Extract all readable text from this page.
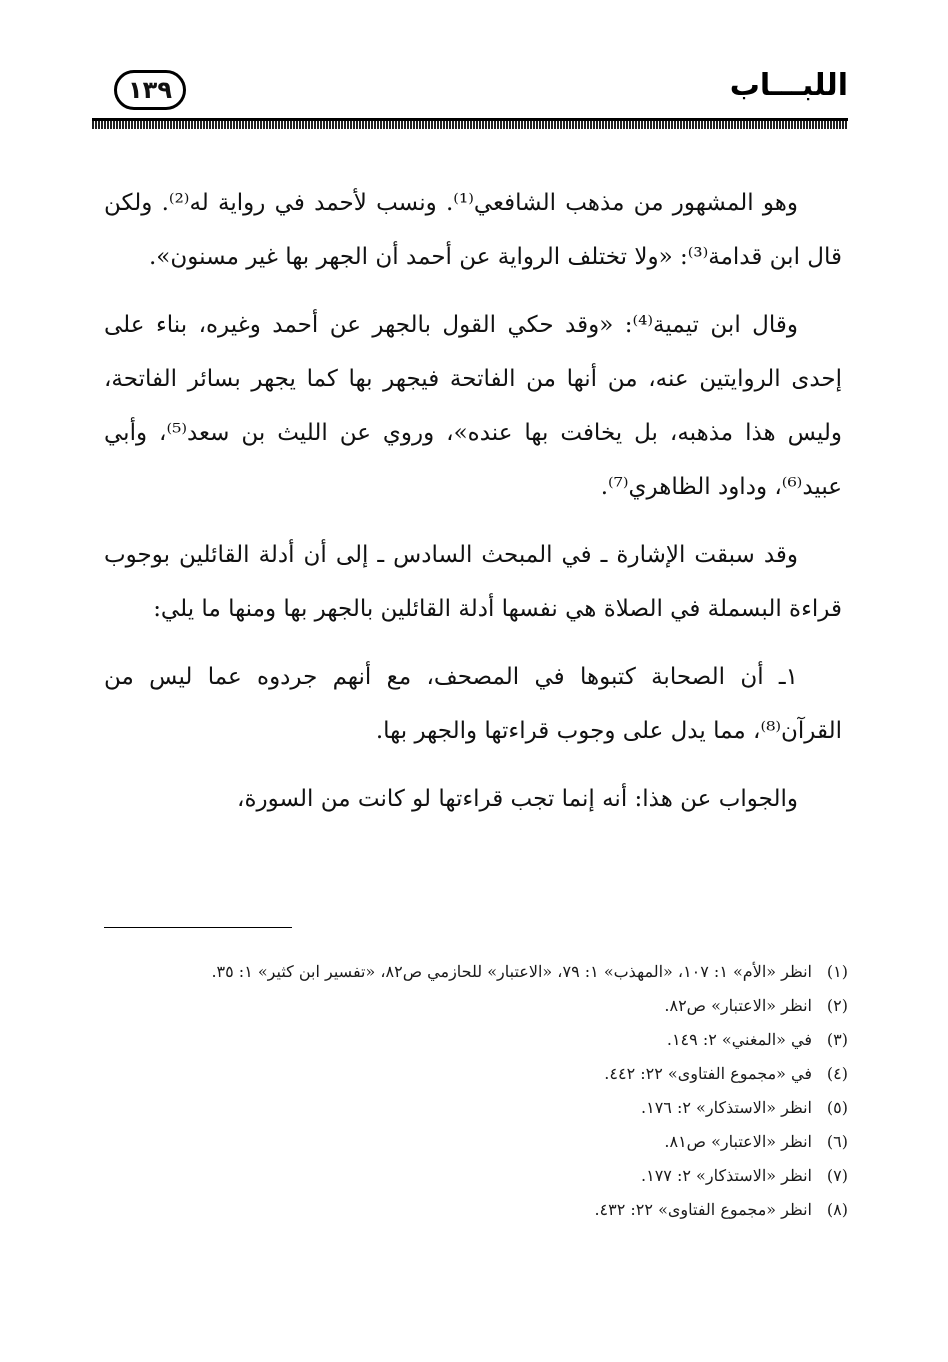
اللبـــاب
١٣٩

وهو المشهور من مذهب الشافعي⁽¹⁾. ونسب لأحمد في رواية له⁽²⁾. ولكن قال ابن قدامة⁽³⁾: «ولا تختلف الرواية عن أحمد أن الجهر بها غير مسنون».

وقال ابن تيمية⁽⁴⁾: «وقد حكي القول بالجهر عن أحمد وغيره، بناء على إحدى الروايتين عنه، من أنها من الفاتحة فيجهر بها كما يجهر بسائر الفاتحة، وليس هذا مذهبه، بل يخافت بها عنده»، وروي عن الليث بن سعد⁽⁵⁾، وأبي عبيد⁽⁶⁾، وداود الظاهري⁽⁷⁾.

وقد سبقت الإشارة ـ في المبحث السادس ـ إلى أن أدلة القائلين بوجوب قراءة البسملة في الصلاة هي نفسها أدلة القائلين بالجهر بها ومنها ما يلي:

١ـ أن الصحابة كتبوها في المصحف، مع أنهم جردوه عما ليس من القرآن⁽⁸⁾، مما يدل على وجوب قراءتها والجهر بها.

والجواب عن هذا: أنه إنما تجب قراءتها لو كانت من السورة،

(١)
انظر «الأم» ١: ١٠٧، «المهذب» ١: ٧٩، «الاعتبار» للحازمي ص٨٢، «تفسير ابن كثير» ١: ٣٥.
(٢)
انظر «الاعتبار» ص٨٢.
(٣)
في «المغني» ٢: ١٤٩.
(٤)
في «مجموع الفتاوى» ٢٢: ٤٤٢.
(٥)
انظر «الاستذكار» ٢: ١٧٦.
(٦)
انظر «الاعتبار» ص٨١.
(٧)
انظر «الاستذكار» ٢: ١٧٧.
(٨)
انظر «مجموع الفتاوى» ٢٢: ٤٣٢.
